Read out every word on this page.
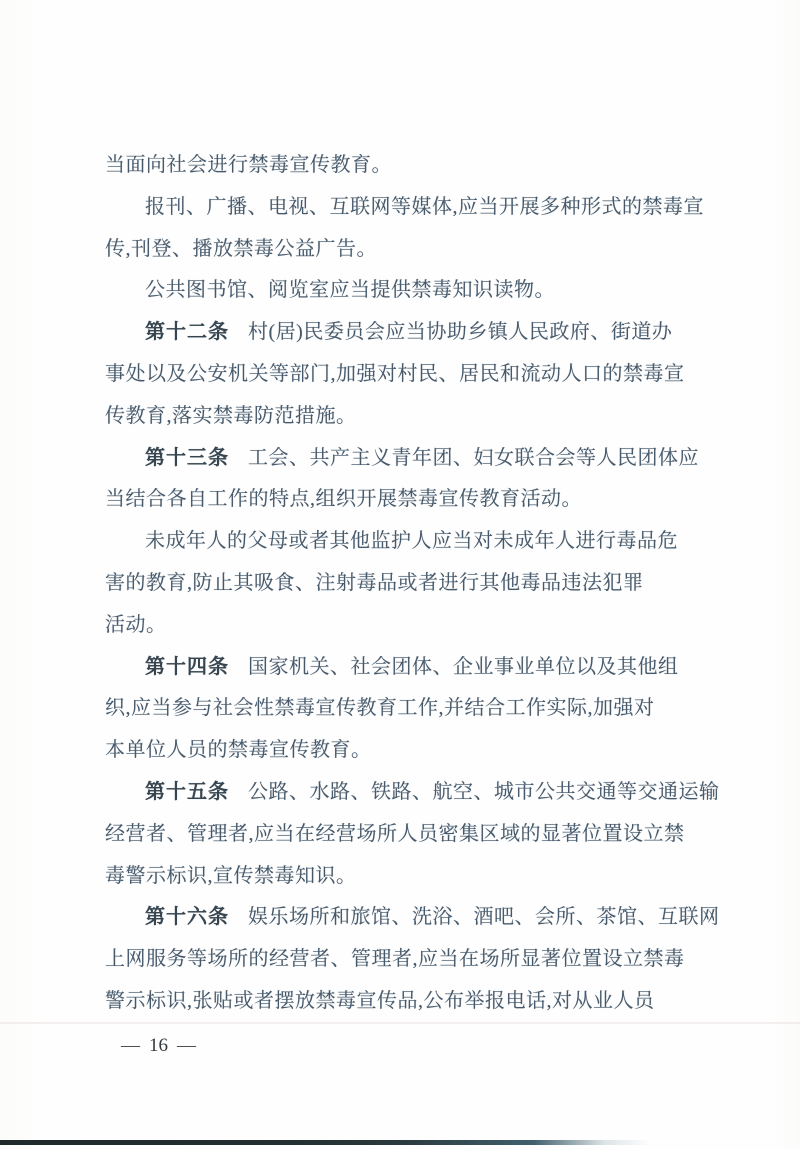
当面向社会进行禁毒宣传教育。
报刊、广播、电视、互联网等媒体,应当开展多种形式的禁毒宣
传,刊登、播放禁毒公益广告。
公共图书馆、阅览室应当提供禁毒知识读物。
第十二条 村(居)民委员会应当协助乡镇人民政府、街道办
事处以及公安机关等部门,加强对村民、居民和流动人口的禁毒宣
传教育,落实禁毒防范措施。
第十三条 工会、共产主义青年团、妇女联合会等人民团体应
当结合各自工作的特点,组织开展禁毒宣传教育活动。
未成年人的父母或者其他监护人应当对未成年人进行毒品危
害的教育,防止其吸食、注射毒品或者进行其他毒品违法犯罪
活动。
第十四条 国家机关、社会团体、企业事业单位以及其他组
织,应当参与社会性禁毒宣传教育工作,并结合工作实际,加强对
本单位人员的禁毒宣传教育。
第十五条 公路、水路、铁路、航空、城市公共交通等交通运输
经营者、管理者,应当在经营场所人员密集区域的显著位置设立禁
毒警示标识,宣传禁毒知识。
第十六条 娱乐场所和旅馆、洗浴、酒吧、会所、茶馆、互联网
上网服务等场所的经营者、管理者,应当在场所显著位置设立禁毒
警示标识,张贴或者摆放禁毒宣传品,公布举报电话,对从业人员
— 16 —
